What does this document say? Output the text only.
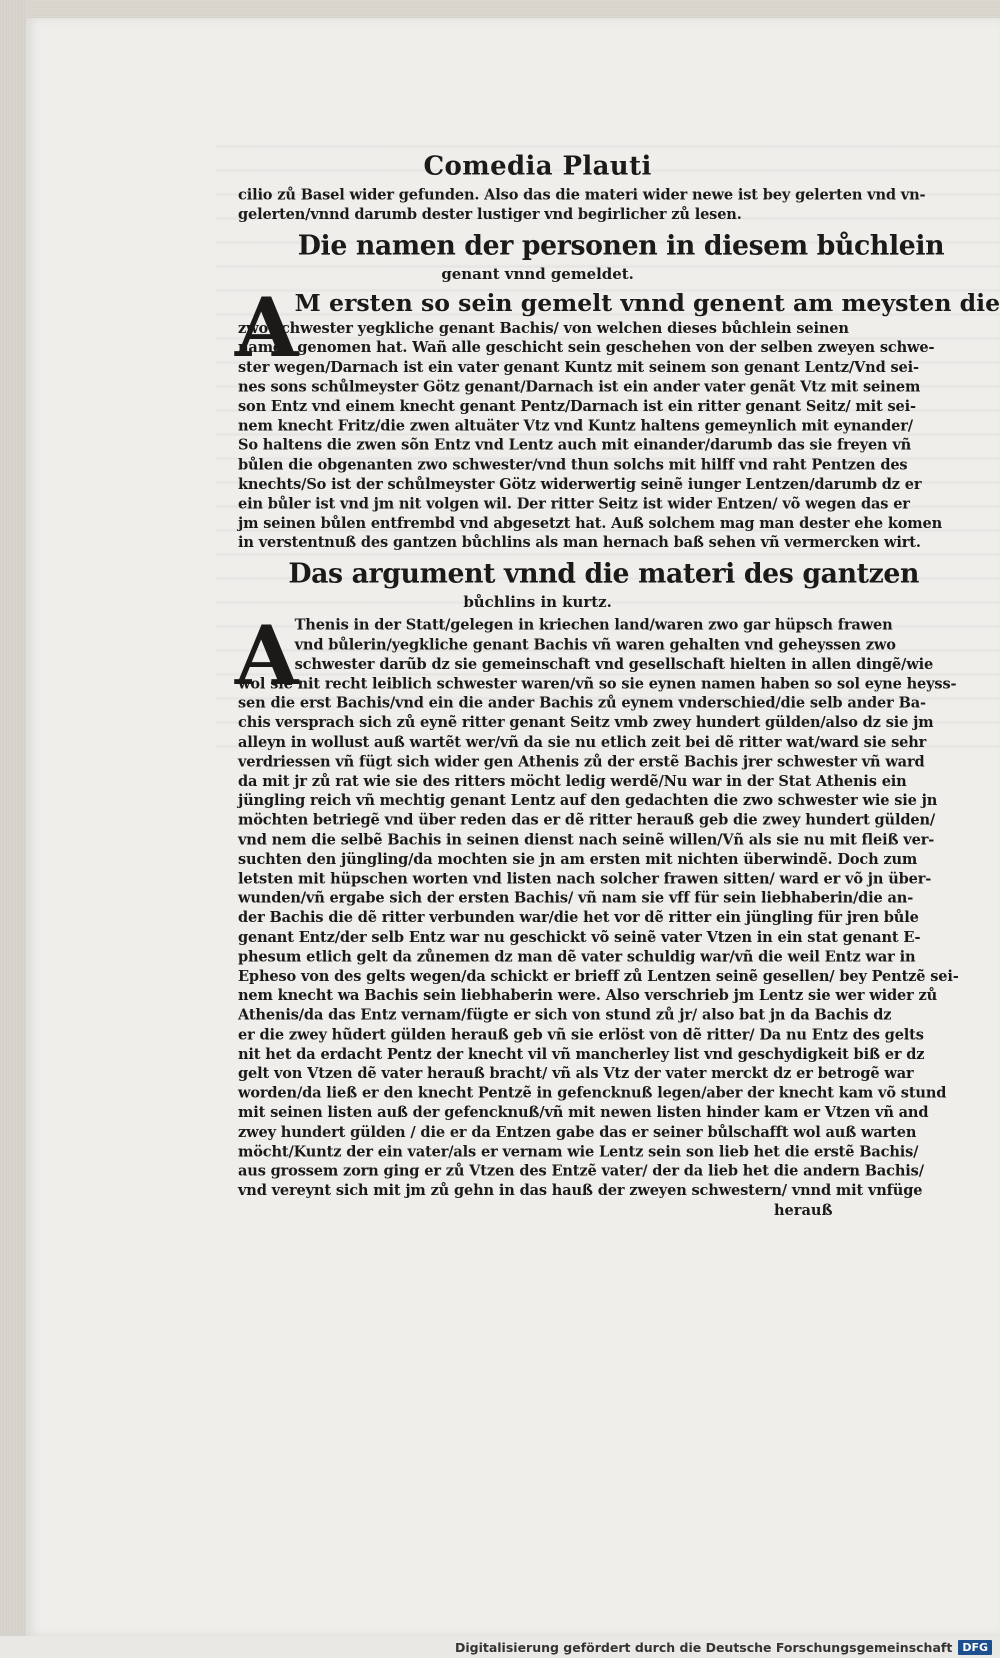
Comedia Plauti
cilio zů Basel wider gefunden. Also das die materi wider newe ist bey gelerten vnd vn-
gelerten/vnnd darumb dester lustiger vnd begirlicher zů lesen.
Die namen der personen in diesem bůchlein
genant vnnd gemeldet.
A
M ersten so sein gemelt vnnd genent am meysten die
zwo schwester yegkliche genant Bachis/ von welchen dieses bůchlein seinen
namen genomen hat. Wañ alle geschicht sein geschehen von der selben zweyen schwe-
ster wegen/Darnach ist ein vater genant Kuntz mit seinem son genant Lentz/Vnd sei-
nes sons schůlmeyster Götz genant/Darnach ist ein ander vater genãt Vtz mit seinem
son Entz vnd einem knecht genant Pentz/Darnach ist ein ritter genant Seitz/ mit sei-
nem knecht Fritz/die zwen altuäter Vtz vnd Kuntz haltens gemeynlich mit eynander/
So haltens die zwen sõn Entz vnd Lentz auch mit einander/darumb das sie freyen vñ
bůlen die obgenanten zwo schwester/vnd thun solchs mit hilff vnd raht Pentzen des
knechts/So ist der schůlmeyster Götz widerwertig seinẽ iunger Lentzen/darumb dz er
ein bůler ist vnd jm nit volgen wil. Der ritter Seitz ist wider Entzen/ võ wegen das er
jm seinen bůlen entfrembd vnd abgesetzt hat. Auß solchem mag man dester ehe komen
in verstentnuß des gantzen bůchlins als man hernach baß sehen vñ vermercken wirt.
Das argument vnnd die materi des gantzen
bůchlins in kurtz.
A
Thenis in der Statt/gelegen in kriechen land/waren zwo gar hüpsch frawen
vnd bůlerin/yegkliche genant Bachis vñ waren gehalten vnd geheyssen zwo
schwester darũb dz sie gemeinschaft vnd gesellschaft hielten in allen dingẽ/wie
wol sie nit recht leiblich schwester waren/vñ so sie eynen namen haben so sol eyne heyss-
sen die erst Bachis/vnd ein die ander Bachis zů eynem vnderschied/die selb ander Ba-
chis versprach sich zů eynẽ ritter genant Seitz vmb zwey hundert gülden/also dz sie jm
alleyn in wollust auß wartẽt wer/vñ da sie nu etlich zeit bei dẽ ritter wat/ward sie sehr
verdriessen vñ fügt sich wider gen Athenis zů der erstẽ Bachis jrer schwester vñ ward
da mit jr zů rat wie sie des ritters möcht ledig werdẽ/Nu war in der Stat Athenis ein
jüngling reich vñ mechtig genant Lentz auf den gedachten die zwo schwester wie sie jn
möchten betriegẽ vnd über reden das er dẽ ritter herauß geb die zwey hundert gülden/
vnd nem die selbẽ Bachis in seinen dienst nach seinẽ willen/Vñ als sie nu mit fleiß ver-
suchten den jüngling/da mochten sie jn am ersten mit nichten überwindẽ. Doch zum
letsten mit hüpschen worten vnd listen nach solcher frawen sitten/ ward er võ jn über-
wunden/vñ ergabe sich der ersten Bachis/ vñ nam sie vff für sein liebhaberin/die an-
der Bachis die dẽ ritter verbunden war/die het vor dẽ ritter ein jüngling für jren bůle
genant Entz/der selb Entz war nu geschickt võ seinẽ vater Vtzen in ein stat genant E-
phesum etlich gelt da zůnemen dz man dẽ vater schuldig war/vñ die weil Entz war in
Epheso von des gelts wegen/da schickt er brieff zů Lentzen seinẽ gesellen/ bey Pentzẽ sei-
nem knecht wa Bachis sein liebhaberin were. Also verschrieb jm Lentz sie wer wider zů
Athenis/da das Entz vernam/fügte er sich von stund zů jr/ also bat jn da Bachis dz
er die zwey hũdert gülden herauß geb vñ sie erlöst von dẽ ritter/ Da nu Entz des gelts
nit het da erdacht Pentz der knecht vil vñ mancherley list vnd geschydigkeit biß er dz
gelt von Vtzen dẽ vater herauß bracht/ vñ als Vtz der vater merckt dz er betrogẽ war
worden/da ließ er den knecht Pentzẽ in gefencknuß legen/aber der knecht kam võ stund
mit seinen listen auß der gefencknuß/vñ mit newen listen hinder kam er Vtzen vñ and
zwey hundert gülden / die er da Entzen gabe das er seiner bůlschafft wol auß warten
möcht/Kuntz der ein vater/als er vernam wie Lentz sein son lieb het die erstẽ Bachis/
aus grossem zorn ging er zů Vtzen des Entzẽ vater/ der da lieb het die andern Bachis/
vnd vereynt sich mit jm zů gehn in das hauß der zweyen schwestern/ vnnd mit vnfüge
herauß
Digitalisierung gefördert durch die Deutsche Forschungsgemeinschaft DFG
